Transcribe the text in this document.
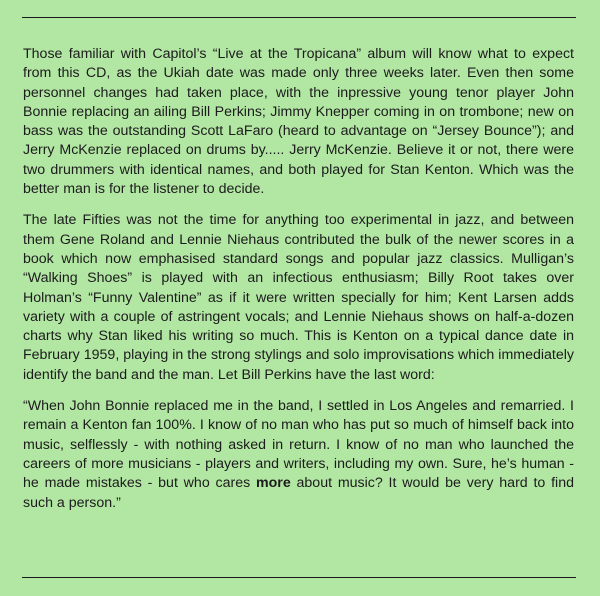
Those familiar with Capitol’s “Live at the Tropicana” album will know what to expect from this CD, as the Ukiah date was made only three weeks later. Even then some personnel changes had taken place, with the inpressive young tenor player John Bonnie replacing an ailing Bill Perkins; Jimmy Knepper coming in on trombone; new on bass was the outstanding Scott LaFaro (heard to advantage on “Jersey Bounce”); and Jerry McKenzie replaced on drums by..... Jerry McKenzie. Believe it or not, there were two drummers with identical names, and both played for Stan Kenton. Which was the better man is for the listener to decide.

The late Fifties was not the time for anything too experimental in jazz, and between them Gene Roland and Lennie Niehaus contributed the bulk of the newer scores in a book which now emphasised standard songs and popular jazz classics. Mulligan’s “Walking Shoes” is played with an infectious enthusiasm; Billy Root takes over Holman’s “Funny Valentine” as if it were written specially for him; Kent Larsen adds variety with a couple of astringent vocals; and Lennie Niehaus shows on half-a-dozen charts why Stan liked his writing so much. This is Kenton on a typical dance date in February 1959, playing in the strong stylings and solo improvisations which immediately identify the band and the man. Let Bill Perkins have the last word:

“When John Bonnie replaced me in the band, I settled in Los Angeles and remarried. I remain a Kenton fan 100%. I know of no man who has put so much of himself back into music, selflessly - with nothing asked in return. I know of no man who launched the careers of more musicians - players and writers, including my own. Sure, he’s human - he made mistakes - but who cares more about music? It would be very hard to find such a person.”
